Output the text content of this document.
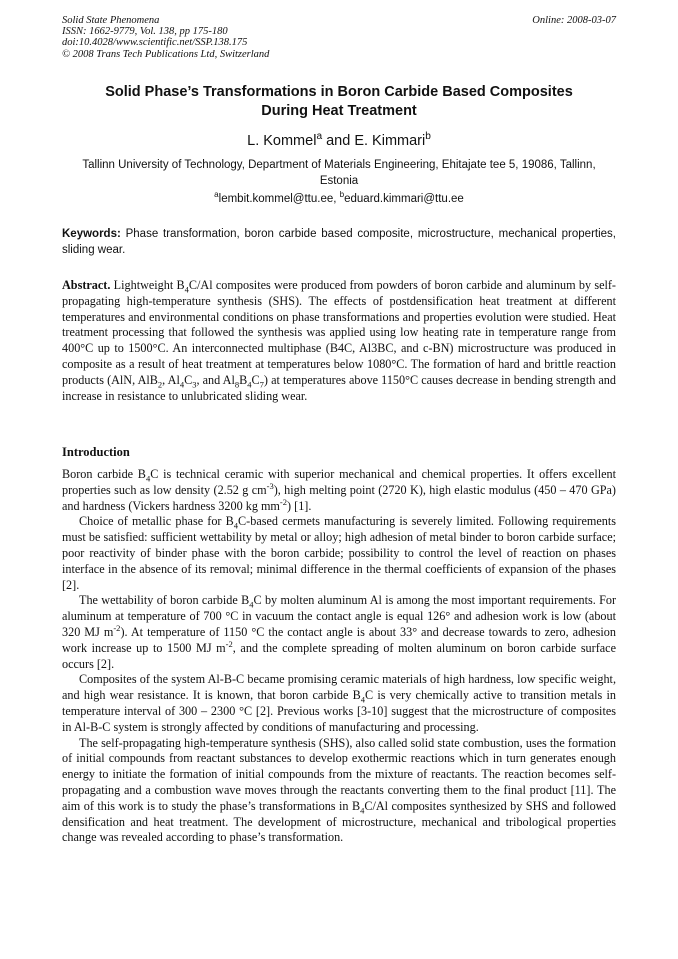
Solid State Phenomena
ISSN: 1662-9779, Vol. 138, pp 175-180
doi:10.4028/www.scientific.net/SSP.138.175
© 2008 Trans Tech Publications Ltd, Switzerland
Online: 2008-03-07
Solid Phase’s Transformations in Boron Carbide Based Composites
During Heat Treatment
L. Kommel$^a$ and E. Kimmari$^b$
Tallinn University of Technology, Department of Materials Engineering, Ehitajate tee 5, 19086, Tallinn, Estonia
$^a$lembit.kommel@ttu.ee, $^b$eduard.kimmari@ttu.ee
Keywords: Phase transformation, boron carbide based composite, microstructure, mechanical properties, sliding wear.
Abstract. Lightweight $B_4C/Al$ composites were produced from powders of boron carbide and aluminum by self-propagating high-temperature synthesis (SHS). The effects of postdensification heat treatment at different temperatures and environmental conditions on phase transformations and properties evolution were studied. Heat treatment processing that followed the synthesis was applied using low heating rate in temperature range from 400°C up to 1500°C. An interconnected multiphase (B4C, Al3BC, and c-BN) microstructure was produced in composite as a result of heat treatment at temperatures below 1080°C. The formation of hard and brittle reaction products (AlN, AlB$_2$, $Al_4C_3$, and $Al_8B_4C_7$) at temperatures above 1150°C causes decrease in bending strength and increase in resistance to unlubricated sliding wear.
Introduction

Boron carbide $B_4C$ is technical ceramic with superior mechanical and chemical properties. It offers excellent properties such as low density (2.52 g $cm^{-3}$), high melting point (2720 K), high elastic modulus (450 – 470 GPa) and hardness (Vickers hardness 3200 kg $mm^{-2}$) [1].

Choice of metallic phase for $B_4C$-based cermets manufacturing is severely limited. Following requirements must be satisfied: sufficient wettability by metal or alloy; high adhesion of metal binder to boron carbide surface; poor reactivity of binder phase with the boron carbide; possibility to control the level of reaction on phases interface in the absence of its removal; minimal difference in the thermal coefficients of expansion of the phases [2].

The wettability of boron carbide $B_4C$ by molten aluminum Al is among the most important requirements. For aluminum at temperature of 700 °C in vacuum the contact angle is equal 126° and adhesion work is low (about 320 MJ $m^{-2}$). At temperature of 1150 °C the contact angle is about 33° and decrease towards to zero, adhesion work increase up to 1500 MJ $m^{-2}$, and the complete spreading of molten aluminum on boron carbide surface occurs [2].

Composites of the system Al-B-C became promising ceramic materials of high hardness, low specific weight, and high wear resistance. It is known, that boron carbide $B_4C$ is very chemically active to transition metals in temperature interval of 300 – 2300 °C [2]. Previous works [3-10] suggest that the microstructure of composites in Al-B-C system is strongly affected by conditions of manufacturing and processing.

The self-propagating high-temperature synthesis (SHS), also called solid state combustion, uses the formation of initial compounds from reactant substances to develop exothermic reactions which in turn generates enough energy to initiate the formation of initial compounds from the mixture of reactants. The reaction becomes self-propagating and a combustion wave moves through the reactants converting them to the final product [11]. The aim of this work is to study the phase’s transformations in $B_4C/Al$ composites synthesized by SHS and followed densification and heat treatment. The development of microstructure, mechanical and tribological properties change was revealed according to phase’s transformation.
